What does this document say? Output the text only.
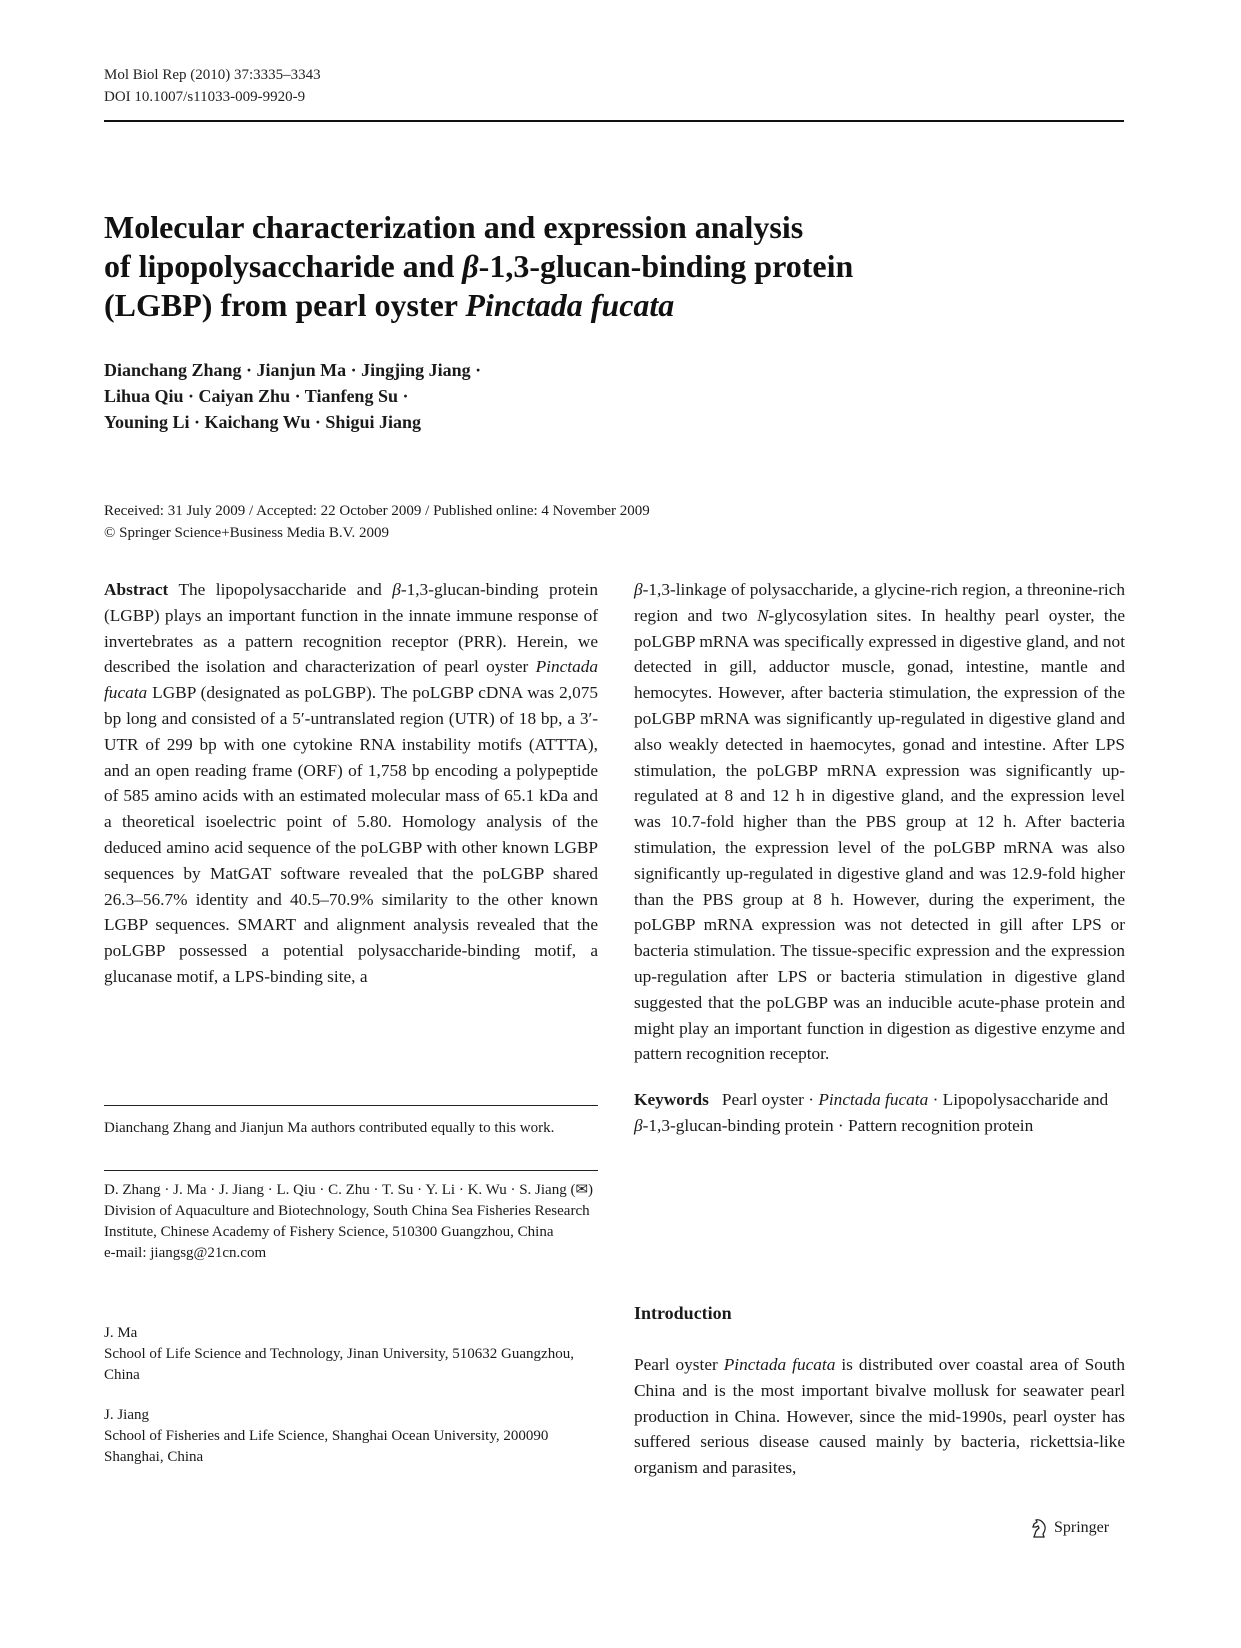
Mol Biol Rep (2010) 37:3335–3343
DOI 10.1007/s11033-009-9920-9
Molecular characterization and expression analysis
of lipopolysaccharide and β-1,3-glucan-binding protein
(LGBP) from pearl oyster Pinctada fucata
Dianchang Zhang · Jianjun Ma · Jingjing Jiang ·
Lihua Qiu · Caiyan Zhu · Tianfeng Su ·
Youning Li · Kaichang Wu · Shigui Jiang
Received: 31 July 2009 / Accepted: 22 October 2009 / Published online: 4 November 2009
© Springer Science+Business Media B.V. 2009

Abstract The lipopolysaccharide and β-1,3-glucan-binding protein (LGBP) plays an important function in the innate immune response of invertebrates as a pattern recognition receptor (PRR). Herein, we described the isolation and characterization of pearl oyster Pinctada fucata LGBP (designated as poLGBP). The poLGBP cDNA was 2,075 bp long and consisted of a 5′-untranslated region (UTR) of 18 bp, a 3′-UTR of 299 bp with one cytokine RNA instability motifs (ATTTA), and an open reading frame (ORF) of 1,758 bp encoding a polypeptide of 585 amino acids with an estimated molecular mass of 65.1 kDa and a theoretical isoelectric point of 5.80. Homology analysis of the deduced amino acid sequence of the poLGBP with other known LGBP sequences by MatGAT software revealed that the poLGBP shared 26.3–56.7% identity and 40.5–70.9% similarity to the other known LGBP sequences. SMART and alignment analysis revealed that the poLGBP possessed a potential polysaccharide-binding motif, a glucanase motif, a LPS-binding site, a

Dianchang Zhang and Jianjun Ma authors contributed equally to this work.
D. Zhang · J. Ma · J. Jiang · L. Qiu · C. Zhu · T. Su · Y. Li · K. Wu · S. Jiang (✉)
Division of Aquaculture and Biotechnology, South China Sea Fisheries Research Institute, Chinese Academy of Fishery Science, 510300 Guangzhou, China
e-mail: jiangsg@21cn.com
J. Ma
School of Life Science and Technology, Jinan University, 510632 Guangzhou, China
J. Jiang
School of Fisheries and Life Science, Shanghai Ocean University, 200090 Shanghai, China

β-1,3-linkage of polysaccharide, a glycine-rich region, a threonine-rich region and two N-glycosylation sites. In healthy pearl oyster, the poLGBP mRNA was specifically expressed in digestive gland, and not detected in gill, adductor muscle, gonad, intestine, mantle and hemocytes. However, after bacteria stimulation, the expression of the poLGBP mRNA was significantly up-regulated in digestive gland and also weakly detected in haemocytes, gonad and intestine. After LPS stimulation, the poLGBP mRNA expression was significantly up-regulated at 8 and 12 h in digestive gland, and the expression level was 10.7-fold higher than the PBS group at 12 h. After bacteria stimulation, the expression level of the poLGBP mRNA was also significantly up-regulated in digestive gland and was 12.9-fold higher than the PBS group at 8 h. However, during the experiment, the poLGBP mRNA expression was not detected in gill after LPS or bacteria stimulation. The tissue-specific expression and the expression up-regulation after LPS or bacteria stimulation in digestive gland suggested that the poLGBP was an inducible acute-phase protein and might play an important function in digestion as digestive enzyme and pattern recognition receptor.

Keywords Pearl oyster · Pinctada fucata · Lipopolysaccharide and β-1,3-glucan-binding protein · Pattern recognition protein

Introduction

Pearl oyster Pinctada fucata is distributed over coastal area of South China and is the most important bivalve mollusk for seawater pearl production in China. However, since the mid-1990s, pearl oyster has suffered serious disease caused mainly by bacteria, rickettsia-like organism and parasites,

Springer
